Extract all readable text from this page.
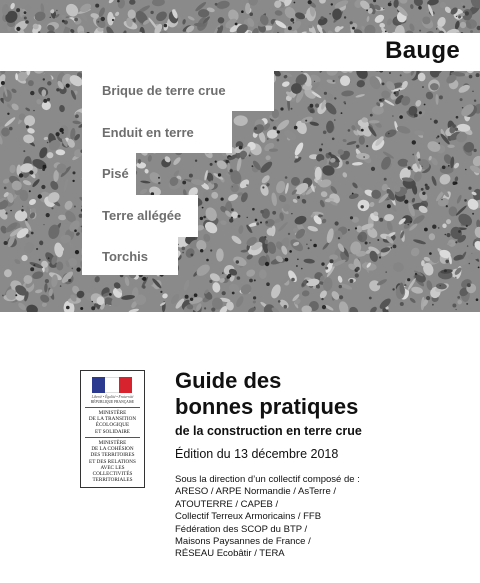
Bauge
Brique de terre crue
Enduit en terre
Pisé
Terre allégée
Torchis
Liberté • Égalité • Fraternité
RÉPUBLIQUE FRANÇAISE
MINISTÈRE
DE LA TRANSITION
ÉCOLOGIQUE
ET SOLIDAIRE
MINISTÈRE
DE LA COHÉSION
DES TERRITOIRES
ET DES RELATIONS
AVEC LES
COLLECTIVITÉS
TERRITORIALES
Guide des
bonnes pratiques
de la construction en terre crue
Édition du 13 décembre 2018
Sous la direction d’un collectif composé de :
ARESO / ARPE Normandie / AsTerre /
ATOUTERRE / CAPEB /
Collectif Terreux Armoricains / FFB
Fédération des SCOP du BTP /
Maisons Paysannes de France /
RÉSEAU Ecobâtir / TERA
